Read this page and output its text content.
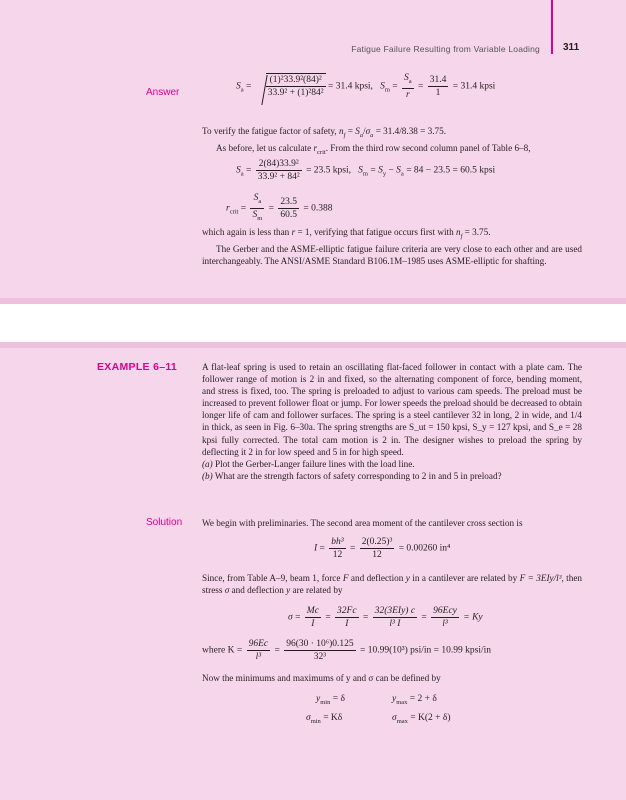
Fatigue Failure Resulting from Variable Loading 311
Answer
$S_a = \frac{\text{(1)²33.9²(84)²}}{\text{33.9² + (1)²84²}} = 31.4$ kpsi, $S_m = \frac{S_a}{r} = \frac{31.4}{1} = 31.4$ kpsi

To verify the fatigue factor of safety, $n_f = S_a/\sigma_a = 31.4/8.38 = 3.75$.

As before, let us calculate $r_{crit}$. From the third row second column panel of Table 6–8,

$S_a = \frac{\text{2(84)33.9²}}{\text{33.9² + 84²}} = 23.5$ kpsi, $S_m = S_y - S_a = 84 - 23.5 = 60.5$ kpsi
$r_{crit} = \frac{S_a}{S_m} = \frac{23.5}{60.5} = 0.388$

which again is less than r = 1, verifying that fatigue occurs first with $n_f = 3.75$.

The Gerber and the ASME-elliptic fatigue failure criteria are very close to each other and are used interchangeably. The ANSI/ASME Standard B106.1M–1985 uses ASME-elliptic for shafting.

EXAMPLE 6–11	A flat-leaf spring is used to retain an oscillating flat-faced follower in contact with a plate cam. The follower range of motion is 2 in and fixed, so the alternating component of force, bending moment, and stress is fixed, too. The spring is preloaded to adjust to various cam speeds. The preload must be increased to prevent follower float or jump. For lower speeds the preload should be decreased to obtain longer life of cam and follower surfaces. The spring is a steel cantilever 32 in long, 2 in wide, and 1/4 in thick, as seen in Fig. 6–30a. The spring strengths are S_ut = 150 kpsi, S_y = 127 kpsi, and S_e = 28 kpsi fully corrected. The total cam motion is 2 in. The designer wishes to preload the spring by deflecting it 2 in for low speed and 5 in for high speed.

(a) Plot the Gerber-Langer failure lines with the load line.

(b) What are the strength factors of safety corresponding to 2 in and 5 in preload?

Solution We begin with preliminaries. The second area moment of the cantilever cross section is
$I = \frac{\text{bh³}}{12} = \frac{\text{2(0.25)³}}{12} = 0.00260$ in⁴

Since, from Table A–9, beam 1, force F and deflection y in a cantilever are related by F = 3EIy/l³, then stress σ and deflection y are related by

$\sigma = \frac{Mc}{I} = \frac{32Fc}{I} = \frac{\text{32(3EIy) c}}{\text{l³ I}} = \frac{\text{96Ecy}}{\text{l³}} = Ky$
where $K = \frac{96Ec}{\text{l³}} = \frac{\text{96(30 · 10⁶)0.125}}{\text{32³}} = 10.99(10^3) psi/in = 10.99$ kpsi/in
Now the minimums and maximums of y and σ can be defined by
$y_{min} = \delta$	$y_{max} = 2 + \delta$
$\sigma_{min} = K\delta$	$\sigma_{max} = K(2 + \delta)$
